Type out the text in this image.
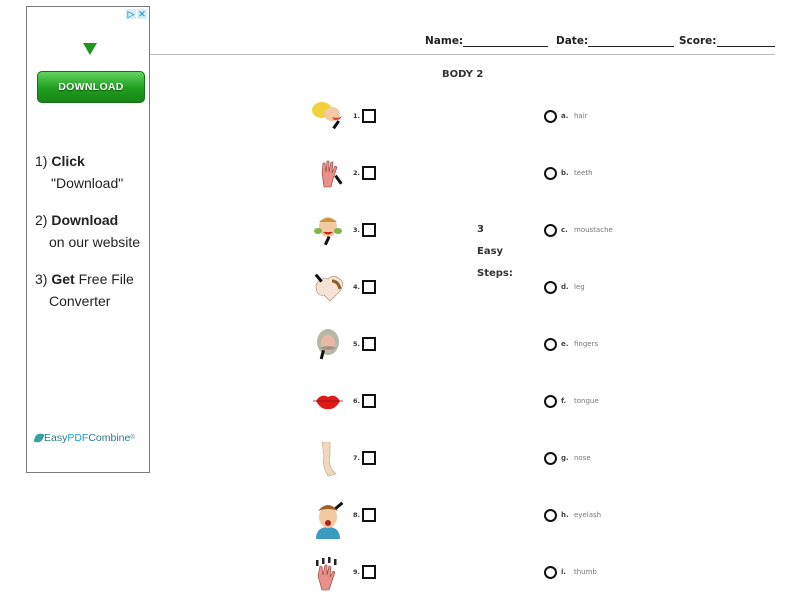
▷ ✕
DOWNLOAD
3 Easy Steps:
1) Click
"Download"
2) Download
on our website
3) Get Free File
Converter
Easy PDF Combine ®
Name:	Date:	Score:
BODY 2
1.
2.
3.
4.
5.
6.
7.
8.
9.
a. hair
b. teeth
c. moustache
d. leg
e. fingers
f.	tongue
g. nose
h. eyelash
i.	thumb
